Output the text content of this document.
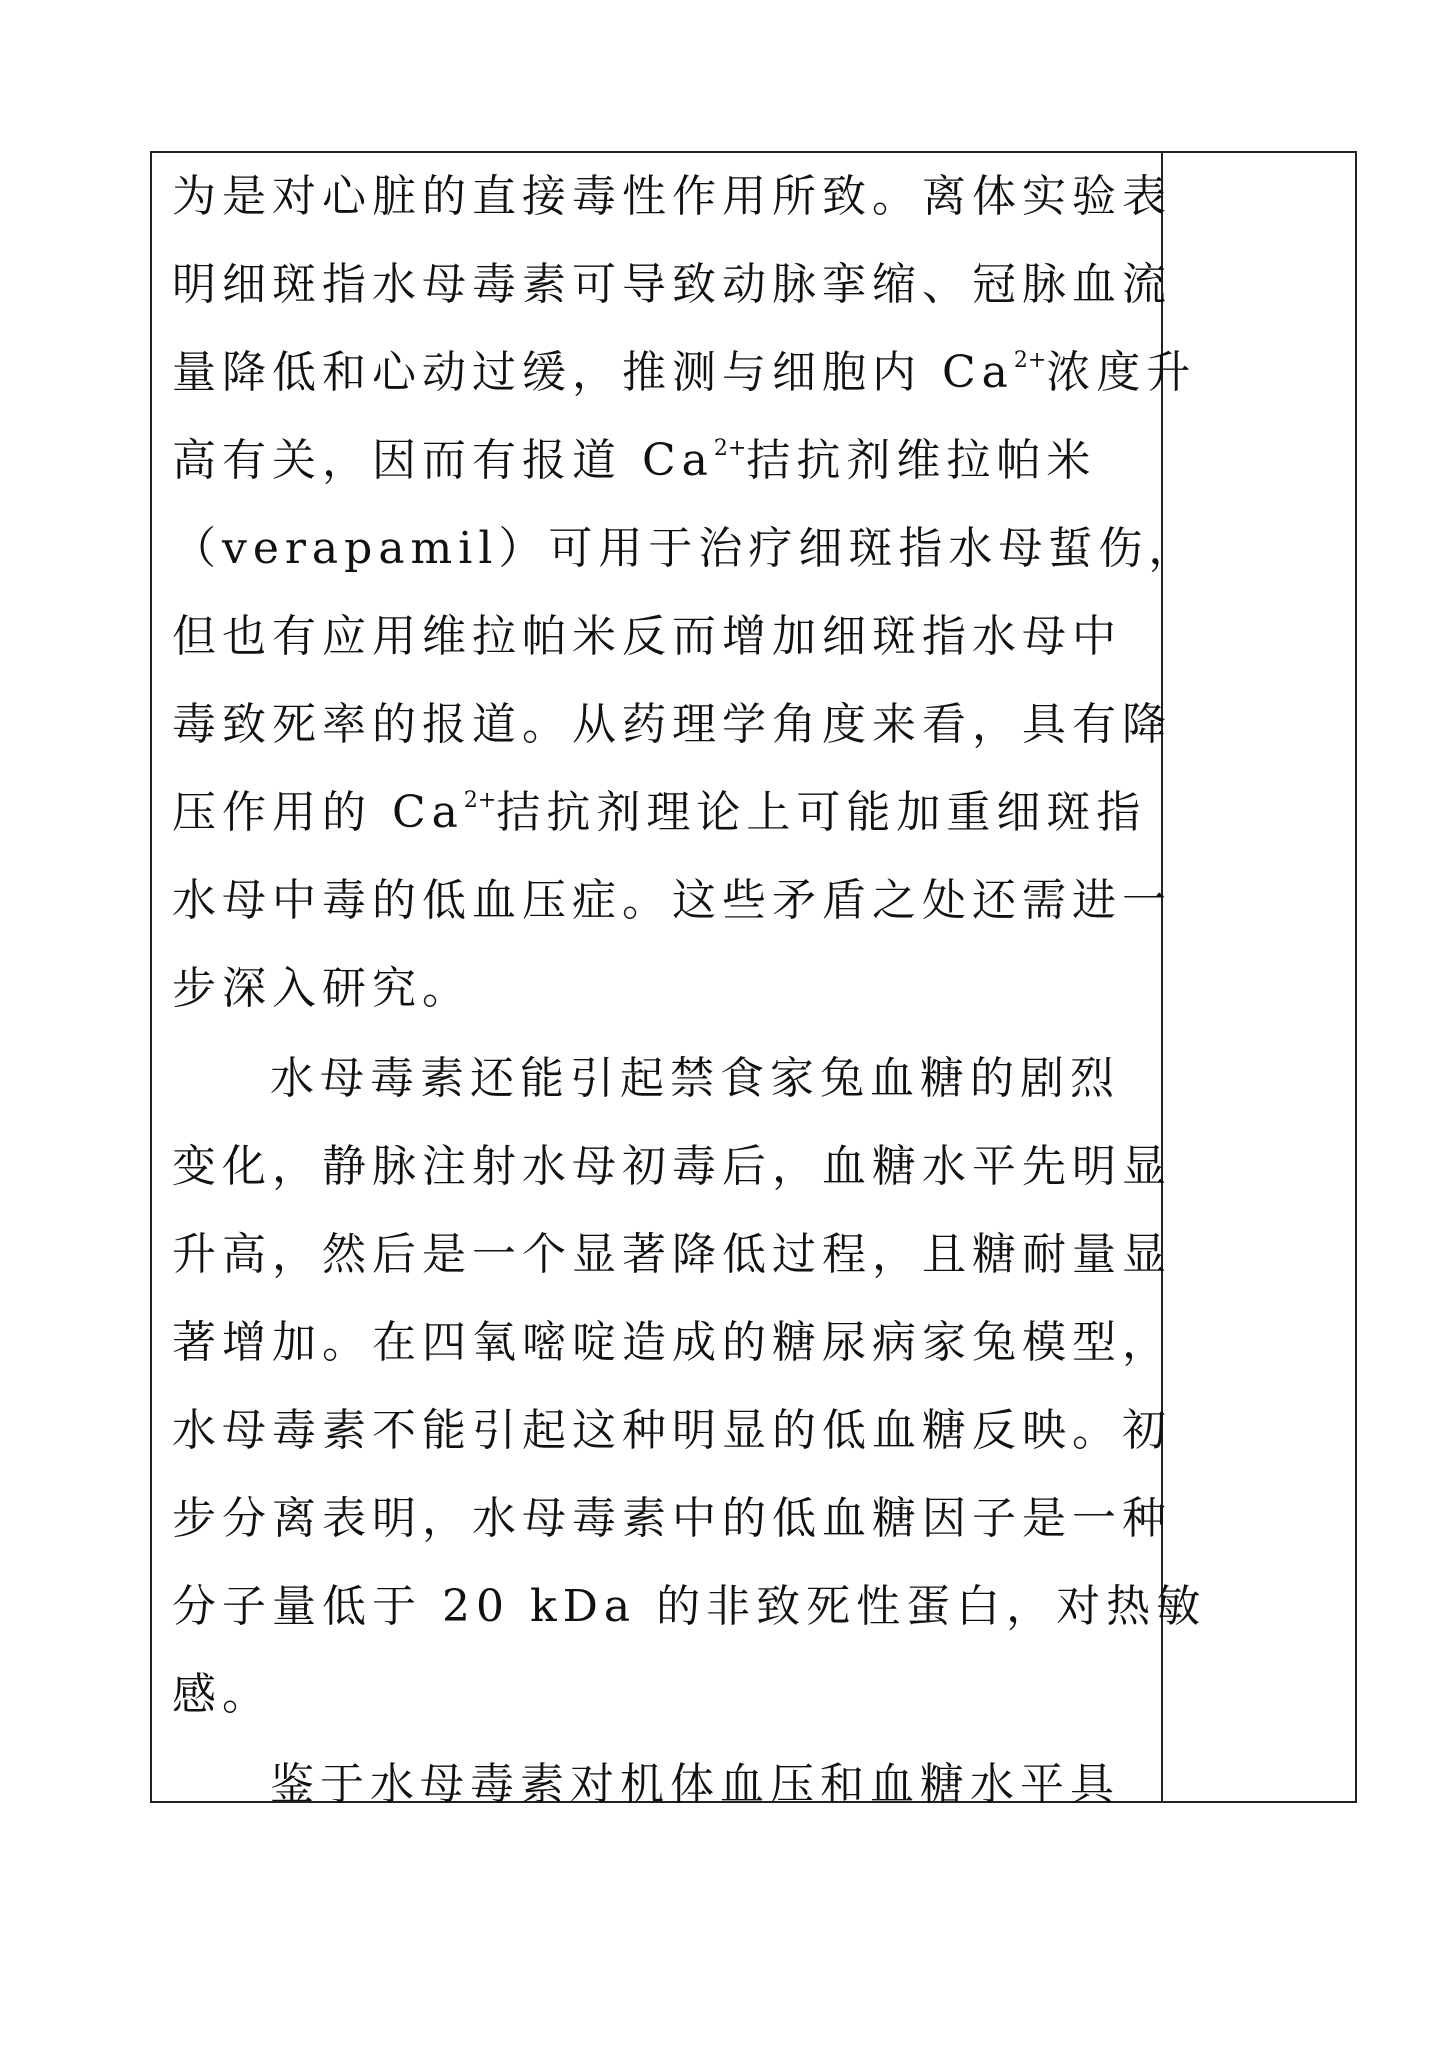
为是对心脏的直接毒性作用所致。离体实验表
明细斑指水母毒素可导致动脉挛缩、冠脉血流
量降低和心动过缓，推测与细胞内 $Ca^{2+}$浓度升
高有关，因而有报道 $Ca^{2+}$拮抗剂维拉帕米
（verapamil）可用于治疗细斑指水母蜇伤，
但也有应用维拉帕米反而增加细斑指水母中
毒致死率的报道。从药理学角度来看，具有降
压作用的 $Ca^{2+}$拮抗剂理论上可能加重细斑指
水母中毒的低血压症。这些矛盾之处还需进一
步深入研究。
水母毒素还能引起禁食家兔血糖的剧烈
变化，静脉注射水母初毒后，血糖水平先明显
升高，然后是一个显著降低过程，且糖耐量显
著增加。在四氧嘧啶造成的糖尿病家兔模型，
水母毒素不能引起这种明显的低血糖反映。初
步分离表明，水母毒素中的低血糖因子是一种
分子量低于 20 kDa 的非致死性蛋白，对热敏
感。
鉴于水母毒素对机体血压和血糖水平具
